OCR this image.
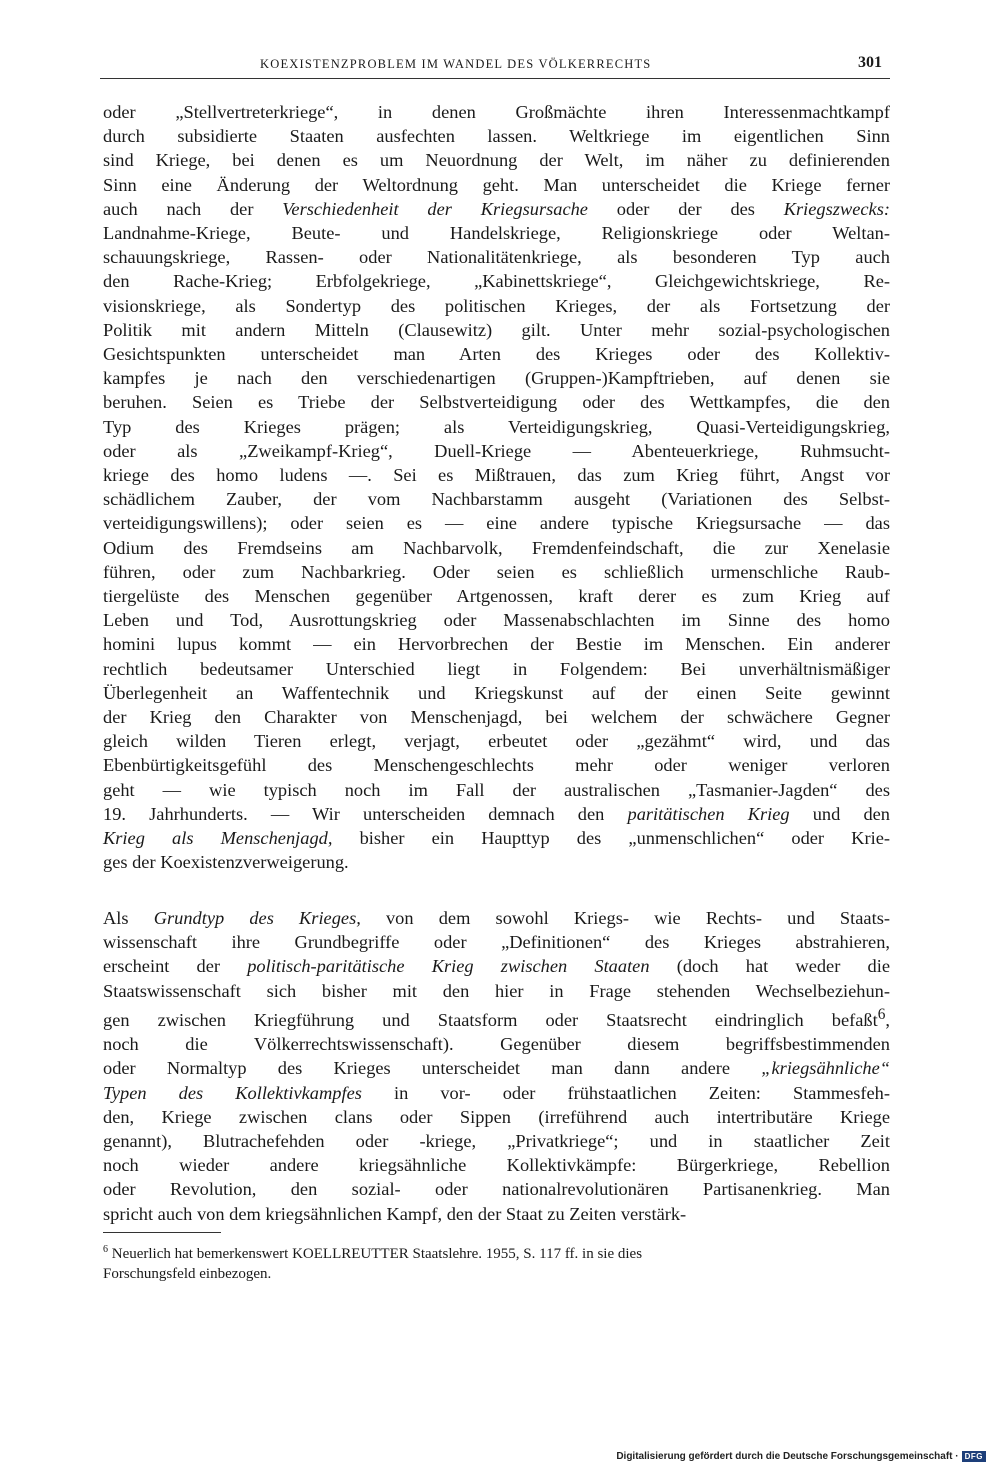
KOEXISTENZPROBLEM IM WANDEL DES VÖLKERRECHTS	301

oder „Stellvertreterkriege“, in denen Großmächte ihren Interessenmachtkampf
durch subsidierte Staaten ausfechten lassen. Weltkriege im eigentlichen Sinn
sind Kriege, bei denen es um Neuordnung der Welt, im näher zu definierenden
Sinn eine Änderung der Weltordnung geht. Man unterscheidet die Kriege ferner
auch nach der Verschiedenheit der Kriegsursache oder der des Kriegszwecks:
Landnahme-Kriege, Beute- und Handelskriege, Religionskriege oder Weltan-
schauungskriege, Rassen- oder Nationalitätenkriege, als besonderen Typ auch
den Rache-Krieg; Erbfolgekriege, „Kabinettskriege“, Gleichgewichtskriege, Re-
visionskriege, als Sondertyp des politischen Krieges, der als Fortsetzung der
Politik mit andern Mitteln (Clausewitz) gilt. Unter mehr sozial-psychologischen
Gesichtspunkten unterscheidet man Arten des Krieges oder des Kollektiv-
kampfes je nach den verschiedenartigen (Gruppen-)Kampftrieben, auf denen sie
beruhen. Seien es Triebe der Selbstverteidigung oder des Wettkampfes, die den
Typ des Krieges prägen; als Verteidigungskrieg, Quasi-Verteidigungskrieg,
oder als „Zweikampf-Krieg“, Duell-Kriege — Abenteuerkriege, Ruhmsucht-
kriege des homo ludens —. Sei es Mißtrauen, das zum Krieg führt, Angst vor
schädlichem Zauber, der vom Nachbarstamm ausgeht (Variationen des Selbst-
verteidigungswillens); oder seien es — eine andere typische Kriegsursache — das
Odium des Fremdseins am Nachbarvolk, Fremdenfeindschaft, die zur Xenelasie
führen, oder zum Nachbarkrieg. Oder seien es schließlich urmenschliche Raub-
tiergelüste des Menschen gegenüber Artgenossen, kraft derer es zum Krieg auf
Leben und Tod, Ausrottungskrieg oder Massenabschlachten im Sinne des homo
homini lupus kommt — ein Hervorbrechen der Bestie im Menschen. Ein anderer
rechtlich bedeutsamer Unterschied liegt in Folgendem: Bei unverhältnismäßiger
Überlegenheit an Waffentechnik und Kriegskunst auf der einen Seite gewinnt
der Krieg den Charakter von Menschenjagd, bei welchem der schwächere Gegner
gleich wilden Tieren erlegt, verjagt, erbeutet oder „gezähmt“ wird, und das
Ebenbürtigkeitsgefühl des Menschengeschlechts mehr oder weniger verloren
geht — wie typisch noch im Fall der australischen „Tasmanier-Jagden“ des
19. Jahrhunderts. — Wir unterscheiden demnach den paritätischen Krieg und den
Krieg als Menschenjagd, bisher ein Haupttyp des „unmenschlichen“ oder Krie-
ges der Koexistenzverweigerung.

Als Grundtyp des Krieges, von dem sowohl Kriegs- wie Rechts- und Staats-
wissenschaft ihre Grundbegriffe oder „Definitionen“ des Krieges abstrahieren,
erscheint der politisch-paritätische Krieg zwischen Staaten (doch hat weder die
Staatswissenschaft sich bisher mit den hier in Frage stehenden Wechselbeziehun-
gen zwischen Kriegführung und Staatsform oder Staatsrecht eindringlich befaßt$^6$,
noch die Völkerrechtswissenschaft). Gegenüber diesem begriffsbestimmenden
oder Normaltyp des Krieges unterscheidet man dann andere „kriegsähnliche“
Typen des Kollektivkampfes in vor- oder frühstaatlichen Zeiten: Stammesfeh-
den, Kriege zwischen clans oder Sippen (irreführend auch intertributäre Kriege
genannt), Blutrachefehden oder -kriege, „Privatkriege“; und in staatlicher Zeit
noch wieder andere kriegsähnliche Kollektivkämpfe: Bürgerkriege, Rebellion
oder Revolution, den sozial- oder nationalrevolutionären Partisanenkrieg. Man
spricht auch von dem kriegsähnlichen Kampf, den der Staat zu Zeiten verstärk-

$^6$ Neuerlich hat bemerkenswert KOELLREUTTER Staatslehre. 1955, S. 117 ff. in sie dies
Forschungsfeld einbezogen.

Digitalisierung gefördert durch die Deutsche Forschungsgemeinschaft · DFG
